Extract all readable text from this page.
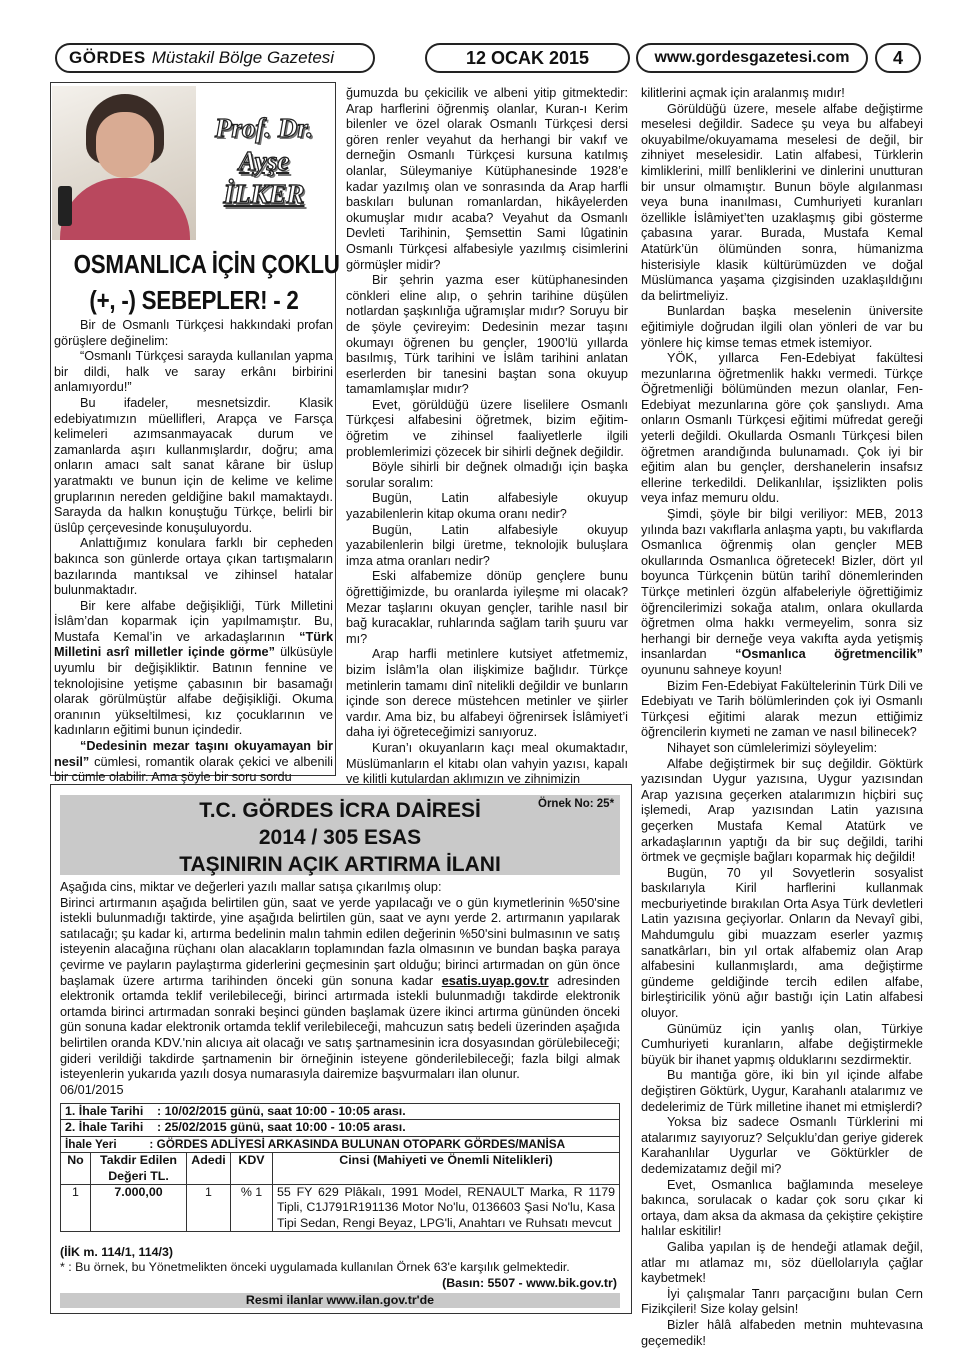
GÖRDES Müstakil Bölge Gazetesi	12 OCAK 2015	www.gordesgazetesi.com	4
Prof. Dr.
Ayşe
İLKER
OSMANLICA İÇİN ÇOKLU
(+, -) SEBEPLER! - 2

Bir de Osmanlı Türkçesi hakkındaki profan görüşlere değinelim:

“Osmanlı Türkçesi sarayda kullanılan yapma bir dildi, halk ve saray erkânı birbirini anlamıyordu!”

Bu ifadeler, mesnetsizdir. Klasik edebiyatımızın müellifleri, Arapça ve Farsça kelimeleri azımsanmayacak durum ve zamanlarda aşırı kullanmışlardır, doğru; ama onların amacı salt sanat kârane bir üslup yaratmaktı ve bunun için de kelime ve kelime gruplarının nereden geldiğine bakıl mamaktaydı. Sarayda da halkın konuştuğu Türkçe, belirli bir üslûp çerçevesinde konuşuluyordu.

Anlattığımız konulara farklı bir cepheden bakınca son günlerde ortaya çıkan tartışmaların bazılarında mantıksal ve zihinsel hatalar bulunmaktadır.

Bir kere alfabe değişikliği, Türk Milletini İslâm’dan koparmak için yapılmamıştır. Bu, Mustafa Kemal’in ve arkadaşlarının “Türk Milletini asrî milletler içinde görme” ülküsüyle uyumlu bir değişikliktir. Batının fennine ve teknolojisine yetişme çabasının bir basamağı olarak görülmüştür alfabe değişikliği. Okuma oranının yükseltilmesi, kız çocuklarının ve kadınların eğitimi bunun içindedir.

“Dedesinin mezar taşını okuyamayan bir nesil” cümlesi, romantik olarak çekici ve albenili bir cümle olabilir. Ama şöyle bir soru sordu

ğumuzda bu çekicilik ve albeni yitip gitmektedir: Arap harflerini öğrenmiş olanlar, Kuran-ı Kerim bilenler ve özel olarak Osmanlı Türkçesi dersi gören renler veyahut da herhangi bir vakıf ve derneğin Osmanlı Türkçesi kursuna katılmış olanlar, Süleymaniye Kütüphanesinde 1928’e kadar yazılmış olan ve sonrasında da Arap harfli baskıları bulunan romanlardan, hikâyelerden okumuşlar mıdır acaba? Veyahut da Osmanlı Devleti Tarihinin, Şemsettin Sami lûgatinin Osmanlı Türkçesi alfabesiyle yazılmış cisimlerini görmüşler midir?

Bir şehrin yazma eser kütüphanesinden cönkleri eline alıp, o şehrin tarihine düşülen notlardan şaşkınlığa uğramışlar mıdır? Soruyu bir de şöyle çevireyim: Dedesinin mezar taşını okumayı öğrenen bu gençler, 1900’lü yıllarda basılmış, Türk tarihini ve İslâm tarihini anlatan eserlerden bir tanesini baştan sona okuyup tamamlamışlar mıdır?

Evet, görüldüğü üzere liselilere Osmanlı Türkçesi alfabesini öğretmek, bizim eğitim-öğretim ve zihinsel faaliyetlerle ilgili problemlerimizi çözecek bir sihirli değnek değildir.

Böyle sihirli bir değnek olmadığı için başka sorular soralım:

Bugün, Latin alfabesiyle okuyup yazabilenlerin kitap okuma oranı nedir?

Bugün, Latin alfabesiyle okuyup yazabilenlerin bilgi üretme, teknolojik buluşlara imza atma oranları nedir?

Eski alfabemize dönüp gençlere bunu öğrettiğimizde, bu oranlarda iyileşme mi olacak? Mezar taşlarını okuyan gençler, tarihle nasıl bir bağ kuracaklar, ruhlarında sağlam tarih şuuru var mı?

Arap harfli metinlere kutsiyet atfetmemiz, bizim İslâm’la olan ilişkimize bağlıdır. Türkçe metinlerin tamamı dinî nitelikli değildir ve bunların içinde son derece müstehcen metinler ve şiirler vardır. Ama biz, bu alfabeyi öğrenirsek İslâmiyet’i daha iyi öğreteceğimizi sanıyoruz.

Kuran’ı okuyanların kaçı meal okumaktadır, Müslümanların el kitabı olan vahyin yazısı, kapalı ve kilitli kutulardan aklımızın ve zihnimizin

kilitlerini açmak için aralanmış mıdır!

Görüldüğü üzere, mesele alfabe değiştirme meselesi değildir. Sadece şu veya bu alfabeyi okuyabilme/okuyamama meselesi de değil, bir zihniyet meselesidir. Latin alfabesi, Türklerin kimliklerini, millî benliklerini ve dinlerini unutturan bir unsur olmamıştır. Bunun böyle algılanması veya buna inanılması, Cumhuriyeti kuranları özellikle İslâmiyet’ten uzaklaşmış gibi gösterme çabasına yarar. Burada, Mustafa Kemal Atatürk’ün ölümünden sonra, hümanizma histerisiyle klasik kültürümüzden ve doğal Müslümanca yaşama çizgisinden uzaklaşıldığını da belirtmeliyiz.

Bunlardan başka meselenin üniversite eğitimiyle doğrudan ilgili olan yönleri de var bu yönlere hiç kimse temas etmek istemiyor.

YÖK, yıllarca Fen-Edebiyat fakültesi mezunlarına öğretmenlik hakkı vermedi. Türkçe Öğretmenliği bölümünden mezun olanlar, Fen-Edebiyat mezunlarına göre çok şanslıydı. Ama onların Osmanlı Türkçesi eğitimi müfredat gereği yeterli değildi. Okullarda Osmanlı Türkçesi bilen öğretmen arandığında bulunamadı. Çok iyi bir eğitim alan bu gençler, dershanelerin insafsız ellerine terkedildi. Delikanlılar, işsizlikten polis veya infaz memuru oldu.

Şimdi, şöyle bir bilgi veriliyor: MEB, 2013 yılında bazı vakıflarla anlaşma yaptı, bu vakıflarda Osmanlıca öğrenmiş olan gençler MEB okullarında Osmanlıca öğretecek! Bizler, dört yıl boyunca Türkçenin bütün tarihî dönemlerinden Türkçe metinleri özgün alfabeleriyle öğrettiğimiz öğrencilerimizi sokağa atalım, onlara okullarda öğretmen olma hakkı vermeyelim, sonra siz herhangi bir derneğe veya vakıfta ayda yetişmiş insanlardan “Osmanlıca öğretmencilik” oyununu sahneye koyun!

Bizim Fen-Edebiyat Fakültelerinin Türk Dili ve Edebiyatı ve Tarih bölümlerinden çok iyi Osmanlı Türkçesi eğitimi alarak mezun ettiğimiz öğrencilerin kıymeti ne zaman ve nasıl bilinecek?

Nihayet son cümlelerimizi söyleyelim:

Alfabe değiştirmek bir suç değildir. Göktürk yazısından Uygur yazısına, Uygur yazısından Arap yazısına geçerken atalarımızın hiçbiri suç işlemedi, Arap yazısından Latin yazısına geçerken Mustafa Kemal Atatürk ve arkadaşlarının yaptığı da bir suç değildi, tarihi örtmek ve geçmişle bağları koparmak hiç değildi!

Bugün, 70 yıl Sovyetlerin sosyalist baskılarıyla Kiril harflerini kullanmak mecburiyetinde bırakılan Orta Asya Türk devletleri Latin yazısına geçiyorlar. Onların da Nevayî gibi, Mahdumgulu gibi muazzam eserler yazmış sanatkârları, bin yıl ortak alfabemiz olan Arap alfabesini kullanmışlardı, ama değiştirme gündeme geldiğinde tercih edilen alfabe, birleştiricilik yönü ağır bastığı için Latin alfabesi oluyor.

Günümüz için yanlış olan, Türkiye Cumhuriyeti kuranların, alfabe değiştirmekle büyük bir ihanet yapmış olduklarını sezdirmektir.

Bu mantığa göre, iki bin yıl içinde alfabe değiştiren Göktürk, Uygur, Karahanlı atalarımız ve dedelerimiz de Türk milletine ihanet mi etmişlerdi?

Yoksa biz sadece Osmanlı Türklerini mi atalarımız sayıyoruz? Selçuklu’dan geriye giderek Karahanlılar Uygurlar ve Göktürkler de dedemizatamız değil mi?

Evet, Osmanlıca bağlamında meseleye bakınca, sorulacak o kadar çok soru çıkar ki ortaya, dam aksa da akmasa da çekiştire çekiştire halılar eskitilir!

Galiba yapılan iş de hendeği atlamak değil, atlar mı atlamaz mı, söz düellolarıyla çağlar kaybetmek!

İyi çalışmalar Tanrı parçacığını bulan Cern Fizikçileri! Size kolay gelsin!

Bizler hâlâ alfabeden metnin muhtevasına geçemedik!

T.C. GÖRDES İCRA DAİRESİ
2014 / 305 ESAS
TAŞINIRIN AÇIK ARTIRMA İLANI
Örnek No: 25*
Aşağıda cins, miktar ve değerleri yazılı mallar satışa çıkarılmış olup:
Birinci artırmanın aşağıda belirtilen gün, saat ve yerde yapılacağı ve o gün kıymetlerinin %50'sine istekli bulunmadığı taktirde, yine aşağıda belirtilen gün, saat ve aynı yerde 2. artırmanın yapılarak satılacağı; şu kadar ki, artırma bedelinin malın tahmin edilen değerinin %50'sini bulmasının ve satış isteyenin alacağına rüçhanı olan alacakların toplamından fazla olmasının ve bundan başka paraya çevirme ve payların paylaştırma giderlerini geçmesinin şart olduğu; birinci artırmadan on gün önce başlamak üzere artırma tarihinden önceki gün sonuna kadar esatis.uyap.gov.tr adresinden elektronik ortamda teklif verilebileceği, birinci artırmada istekli bulunmadığı takdirde elektronik ortamda birinci artırmadan sonraki beşinci günden başlamak üzere ikinci artırma gününden önceki gün sonuna kadar elektronik ortamda teklif verilebileceği, mahcuzun satış bedeli üzerinden aşağıda belirtilen oranda KDV.'nin alıcıya ait olacağı ve satış şartnamesinin icra dosyasından görülebileceği; gideri verildiği takdirde şartnamenin bir örneğinin isteyene gönderilebileceği; fazla bilgi almak isteyenlerin yukarıda yazılı dosya numarasıyla dairemize başvurmaları ilan olunur.
06/01/2015
1. İhale Tarihi    : 10/02/2015 günü, saat 10:00 - 10:05 arası.				
2. İhale Tarihi    : 25/02/2015 günü, saat 10:00 - 10:05 arası.				
İhale Yeri          : GÖRDES ADLİYESİ ARKASINDA BULUNAN OTOPARK GÖRDES/MANİSA				
No	Takdir Edilen Değeri TL.	Adedi	KDV	Cinsi (Mahiyeti ve Önemli Nitelikleri)
1	7.000,00	1	% 1	55 FY 629 Plâkalı, 1991 Model, RENAULT Marka, R 1179 Tipli, C1J791R191136 Motor No'lu, 0136603 Şasi No'lu, Kasa Tipi Sedan, Rengi Beyaz, LPG'li, Anahtarı ve Ruhsatı mevcut
(İİK m. 114/1, 114/3)
* : Bu örnek, bu Yönetmelikten önceki uygulamada kullanılan Örnek 63'e karşılık gelmektedir.
(Basın: 5507 - www.bik.gov.tr)
Resmi ilanlar www.ilan.gov.tr'de
